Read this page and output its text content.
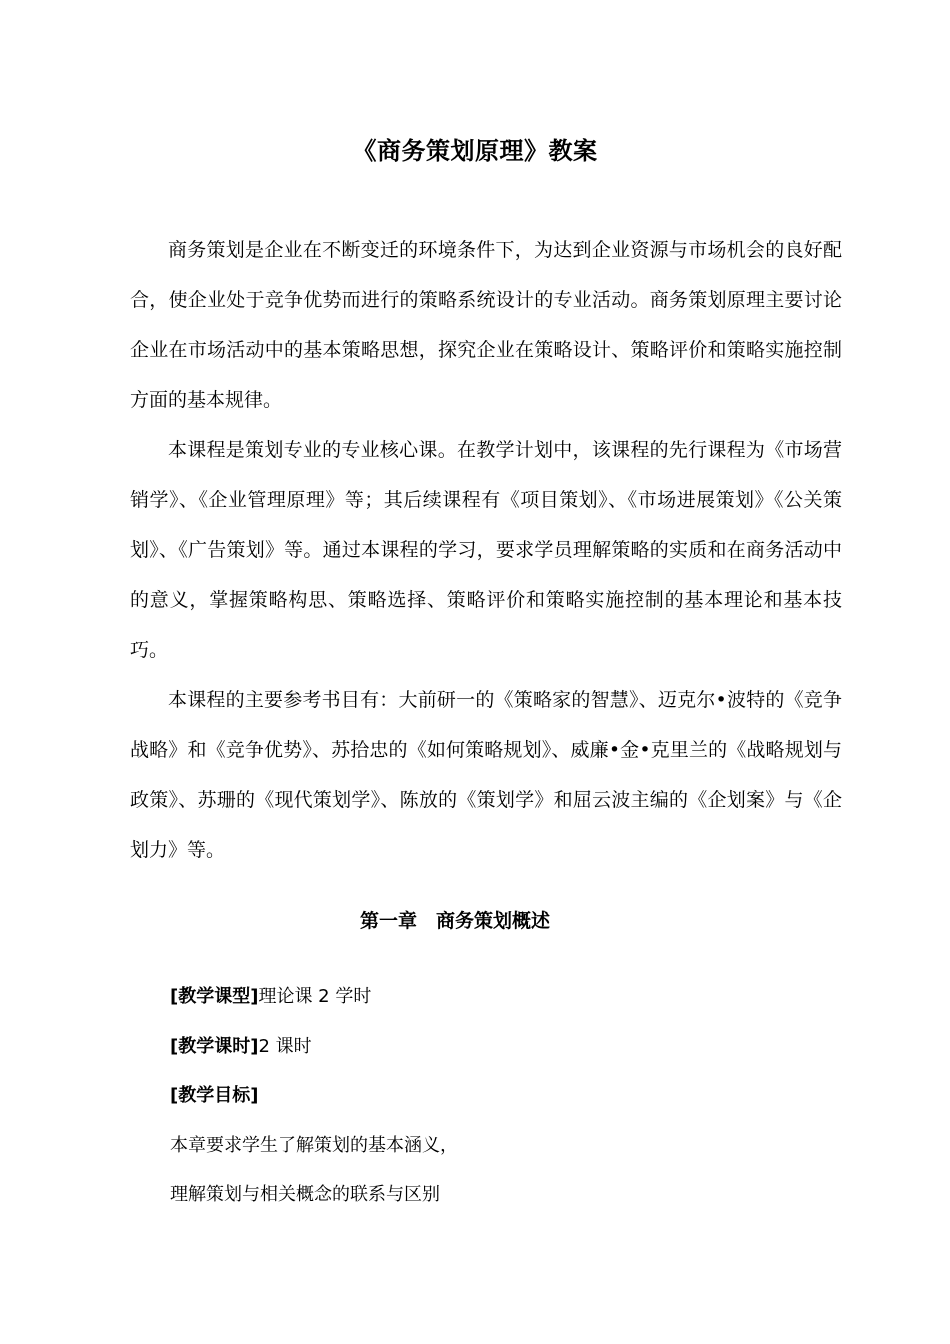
《商务策划原理》教案

商务策划是企业在不断变迁的环境条件下，为达到企业资源与市场机会的良好配合，使企业处于竞争优势而进行的策略系统设计的专业活动。商务策划原理主要讨论企业在市场活动中的基本策略思想，探究企业在策略设计、策略评价和策略实施控制方面的基本规律。

本课程是策划专业的专业核心课。在教学计划中，该课程的先行课程为《市场营销学》、《企业管理原理》等；其后续课程有《项目策划》、《市场进展策划》《公关策划》、《广告策划》等。通过本课程的学习，要求学员理解策略的实质和在商务活动中的意义，掌握策略构思、策略选择、策略评价和策略实施控制的基本理论和基本技巧。

本课程的主要参考书目有：大前研一的《策略家的智慧》、迈克尔•波特的《竞争战略》和《竞争优势》、苏拾忠的《如何策略规划》、威廉•金•克里兰的《战略规划与政策》、苏珊的《现代策划学》、陈放的《策划学》和屈云波主编的《企划案》与《企划力》等。

第一章　商务策划概述
[教学课型]理论课 2 学时
[教学课时]2 课时
[教学目标]
本章要求学生了解策划的基本涵义，
理解策划与相关概念的联系与区别
